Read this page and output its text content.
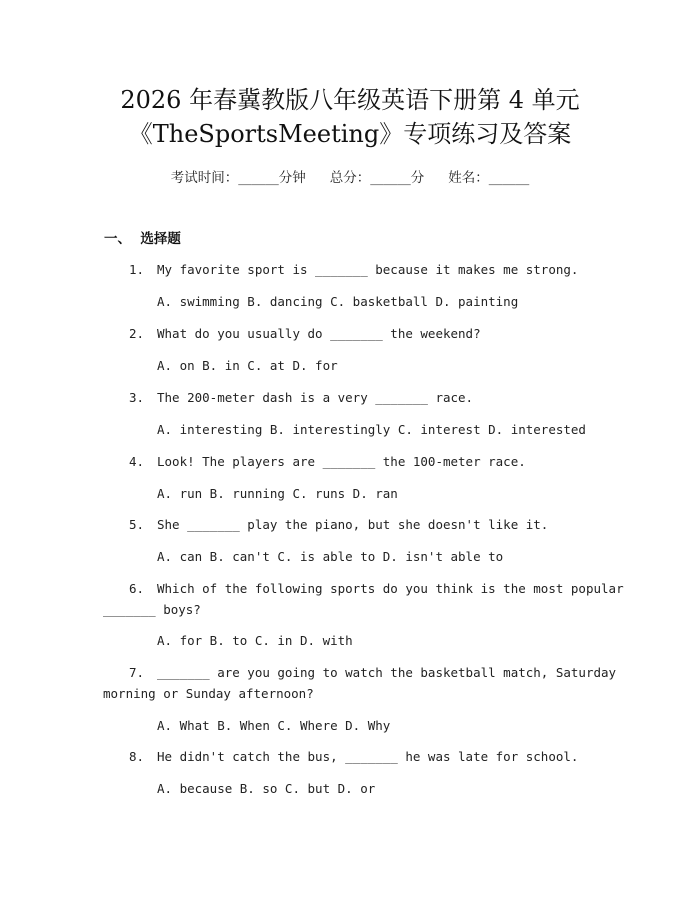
2026 年春冀教版八年级英语下册第 4 单元
《TheSportsMeeting》专项练习及答案
考试时间：______分钟 总分：______分 姓名：______
一、  选择题
1.	My favorite sport is _______ because it makes me strong.
A. swimming B. dancing C. basketball D. painting
2.	What do you usually do _______ the weekend?
A. on B. in C. at D. for
3.	The 200-meter dash is a very _______ race.
A. interesting B. interestingly C. interest D. interested
4.	Look! The players are _______ the 100-meter race.
A. run B. running C. runs D. ran
5.	She _______ play the piano, but she doesn't like it.
A. can B. can't C. is able to D. isn't able to
6.	Which of the following sports do you think is the most popular
_______ boys?
A. for B. to C. in D. with
7.	_______ are you going to watch the basketball match, Saturday
morning or Sunday afternoon?
A. What B. When C. Where D. Why
8.	He didn't catch the bus, _______ he was late for school.
A. because B. so C. but D. or
